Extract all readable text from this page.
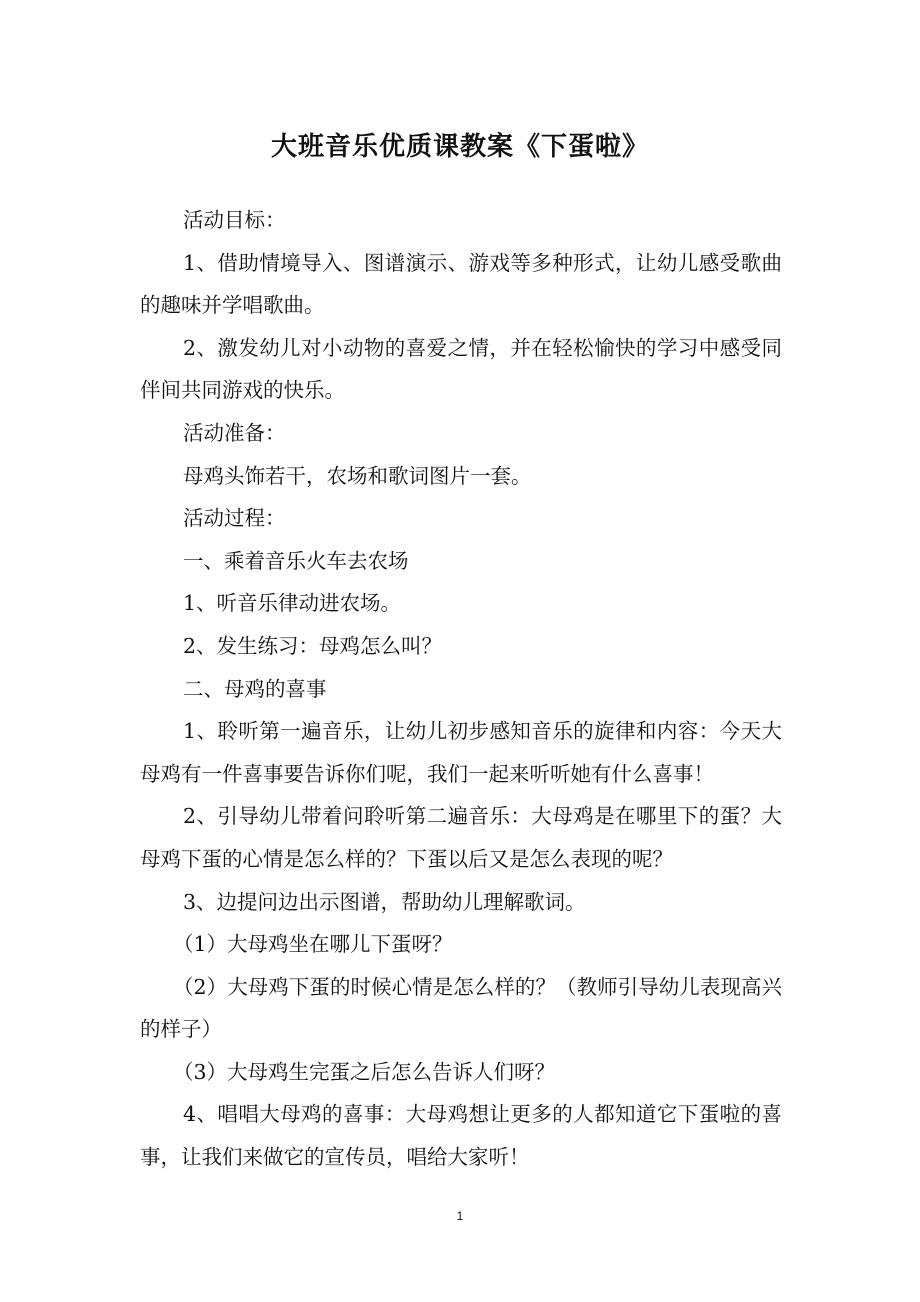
大班音乐优质课教案《下蛋啦》

活动目标：

1、借助情境导入、图谱演示、游戏等多种形式，让幼儿感受歌曲的趣味并学唱歌曲。

2、激发幼儿对小动物的喜爱之情，并在轻松愉快的学习中感受同伴间共同游戏的快乐。

活动准备：

母鸡头饰若干，农场和歌词图片一套。

活动过程：

一、乘着音乐火车去农场

1、听音乐律动进农场。

2、发生练习：母鸡怎么叫？

二、母鸡的喜事

1、聆听第一遍音乐，让幼儿初步感知音乐的旋律和内容：今天大母鸡有一件喜事要告诉你们呢，我们一起来听听她有什么喜事！

2、引导幼儿带着问聆听第二遍音乐：大母鸡是在哪里下的蛋？大母鸡下蛋的心情是怎么样的？下蛋以后又是怎么表现的呢？

3、边提问边出示图谱，帮助幼儿理解歌词。

（1）大母鸡坐在哪儿下蛋呀？

（2）大母鸡下蛋的时候心情是怎么样的？（教师引导幼儿表现高兴的样子）

（3）大母鸡生完蛋之后怎么告诉人们呀？

4、唱唱大母鸡的喜事：大母鸡想让更多的人都知道它下蛋啦的喜事，让我们来做它的宣传员，唱给大家听！

1
